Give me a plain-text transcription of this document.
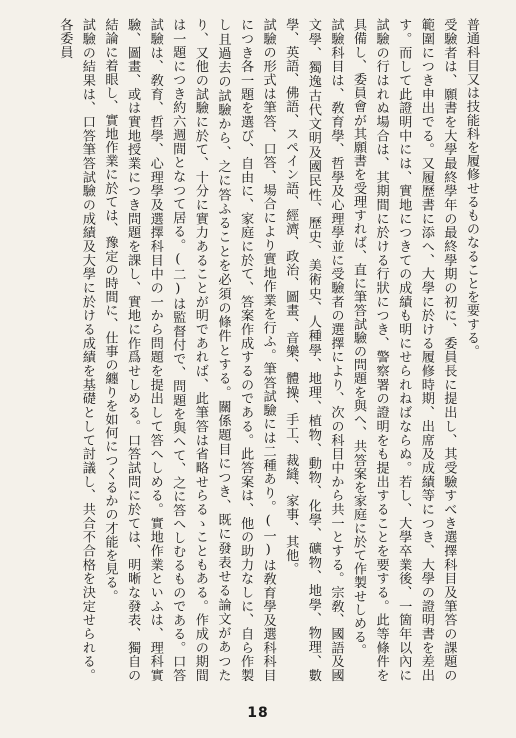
普通科目又は技能科を履修せるものなることを要する。

受驗者は、願書を大學最終學年の最終學期の初に、委員長に提出し、其受驗すべき選擇科目及筆答の課題の範圍につき申出でる。又履歷書に添へ、大學に於ける履修時期、出席及成績等につき、大學の證明書を差出す。而して此證明中には、實地につきての成績も明にせられねばならぬ。若し、大學卒業後、一箇年以內に試驗の行はれぬ場合は、其期間に於ける行狀につき、警察署の證明をも提出することを要する。此等條件を具備し、委員會が其願書を受理すれば、直に筆答試驗の問題を與へ、共答案を家庭に於て作製せしめる。

試驗科目は、敎育學、哲學及心理學並に受驗者の選擇により、次の科目中から共一とする。宗敎、國語及國文學、獨逸古代文明及國民性、歷史、美術史、人種學、地理、植物、動物、化學、礦物、地學、物理、數學、英語、佛語、スペイン語、經濟、政治、圖畫、音樂、體操、手工、裁縫、家事、其他。

試驗の形式は筆答、口答、場合により實地作業を行ふ。筆答試驗には二種あり。(一)は敎育學及選科科目につき各一題を選び、自由に、家庭に於て、答案作成するのである。此答案は、他の助力なしに、自ら作製し且過去の試驗から、之に答ふることを必須の條件とする。關係題目につき、既に發表せる論文があつたり、又他の試驗に於て、十分に實力あることが明であれば、此筆答は省略せらるゝこともある。作成の期間は一題につき約六週間となつて居る。(二)は監督付で、問題を與へて、之に答へしむるものである。口答試驗は、敎育、哲學、心理學及選擇科目中の一から問題を提出して答へしめる。實地作業といふは、理科實驗、圖畫、或は實地授業につき問題を課し、實地に作爲せしめる。口答試問に於ては、明晰な發表、獨自の結論に着眼し、實地作業に於ては、豫定の時間に、仕事の纏りを如何につくるかの才能を見る。

試驗の結果は、口答筆答試驗の成績及大學に於ける成績を基礎として討議し、共合不合格を決定せられる。各委員

18
